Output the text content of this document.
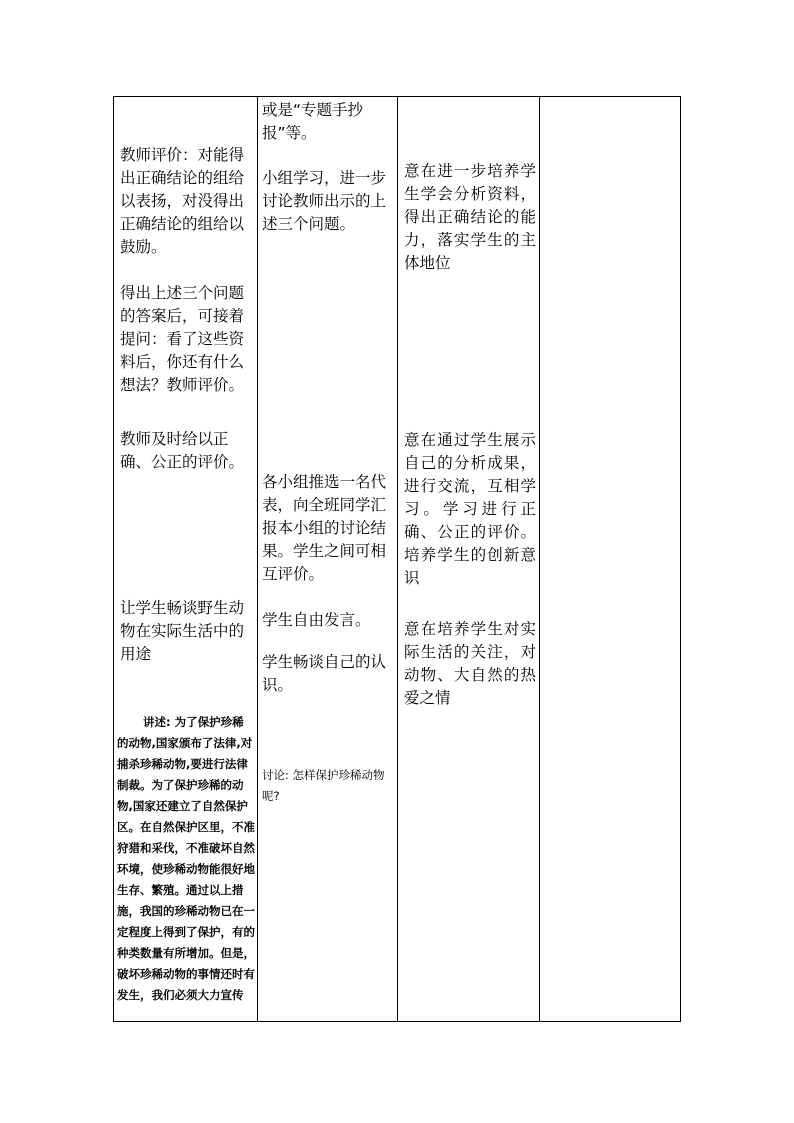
教师评价：对能得出正确结论的组给以表扬，对没得出正确结论的组给以鼓励。
得出上述三个问题的答案后，可接着提问：看了这些资料后，你还有什么想法？教师评价。
教师及时给以正确、公正的评价。
让学生畅谈野生动物在实际生活中的用途
讲述: 为了保护珍稀的动物,国家颁布了法律,对捕杀珍稀动物,要进行法律制裁。为了保护珍稀的动物,国家还建立了自然保护区。在自然保护区里，不准狩猎和采伐，不准破坏自然环境，使珍稀动物能很好地生存、繁殖。通过以上措施，我国的珍稀动物已在一定程度上得到了保护，有的种类数量有所增加。但是，破坏珍稀动物的事情还时有发生，我们必须大力宣传
或是“专题手抄报”等。
小组学习，进一步讨论教师出示的上述三个问题。
各小组推选一名代表，向全班同学汇报本小组的讨论结果。学生之间可相互评价。
学生自由发言。
学生畅谈自己的认识。
讨论: 怎样保护珍稀动物呢?
意在进一步培养学生学会分析资料，得出正确结论的能力，落实学生的主体地位
意在通过学生展示自己的分析成果，进行交流，互相学习。学习进行正确、公正的评价。培养学生的创新意识
意在培养学生对实际生活的关注，对动物、大自然的热爱之情
